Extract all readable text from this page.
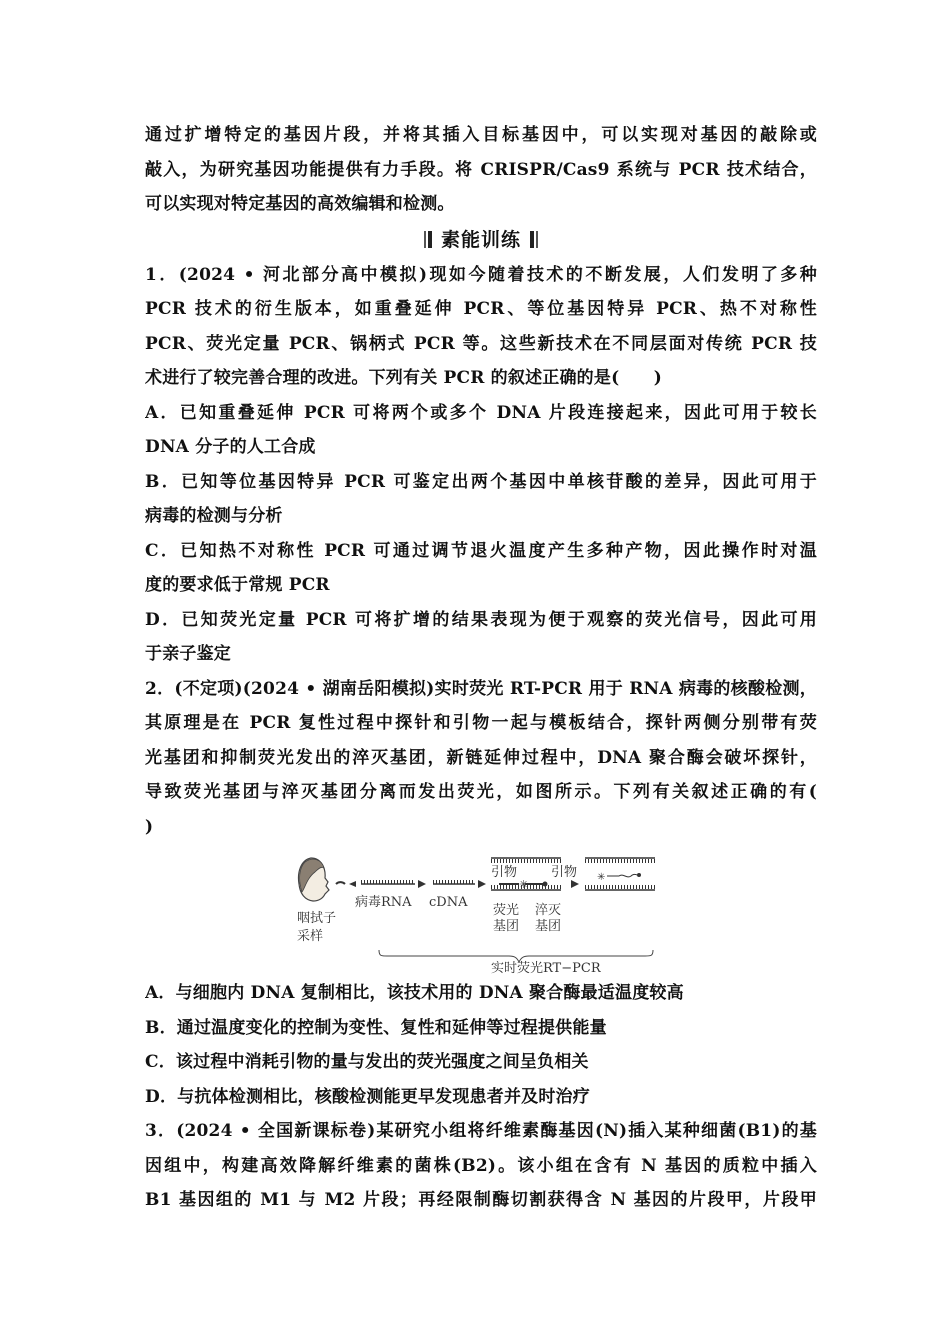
通过扩增特定的基因片段，并将其插入目标基因中，可以实现对基因的敲除或
敲入，为研究基因功能提供有力手段。将 CRISPR/Cas9 系统与 PCR 技术结合，
可以实现对特定基因的高效编辑和检测。
素能训练
1．(2024 • 河北部分高中模拟)现如今随着技术的不断发展，人们发明了多种
PCR 技术的衍生版本，如重叠延伸 PCR、等位基因特异 PCR、热不对称性
PCR、荧光定量 PCR、锅柄式 PCR 等。这些新技术在不同层面对传统 PCR 技
术进行了较完善合理的改进。下列有关 PCR 的叙述正确的是(　　)
A．已知重叠延伸 PCR 可将两个或多个 DNA 片段连接起来，因此可用于较长
DNA 分子的人工合成
B．已知等位基因特异 PCR 可鉴定出两个基因中单核苷酸的差异，因此可用于
病毒的检测与分析
C．已知热不对称性 PCR 可通过调节退火温度产生多种产物，因此操作时对温
度的要求低于常规 PCR
D．已知荧光定量 PCR 可将扩增的结果表现为便于观察的荧光信号，因此可用
于亲子鉴定
2．(不定项)(2024 • 湖南岳阳模拟)实时荧光 RT-PCR 用于 RNA 病毒的核酸检测，
其原理是在 PCR 复性过程中探针和引物一起与模板结合，探针两侧分别带有荧
光基团和抑制荧光发出的淬灭基团，新链延伸过程中，DNA 聚合酶会破坏探针，
导致荧光基团与淬灭基团分离而发出荧光，如图所示。下列有关叙述正确的有(
)
咽拭子
采样
病毒RNA cDNA
✳
引物
荧光
基团
淬灭
基团
引物 ✳
实时荧光RT−PCR
A．与细胞内 DNA 复制相比，该技术用的 DNA 聚合酶最适温度较高
B．通过温度变化的控制为变性、复性和延伸等过程提供能量
C．该过程中消耗引物的量与发出的荧光强度之间呈负相关
D．与抗体检测相比，核酸检测能更早发现患者并及时治疗
3．(2024 • 全国新课标卷)某研究小组将纤维素酶基因(N)插入某种细菌(B1)的基
因组中，构建高效降解纤维素的菌株(B2)。该小组在含有 N 基因的质粒中插入
B1 基因组的 M1 与 M2 片段；再经限制酶切割获得含 N 基因的片段甲，片段甲
